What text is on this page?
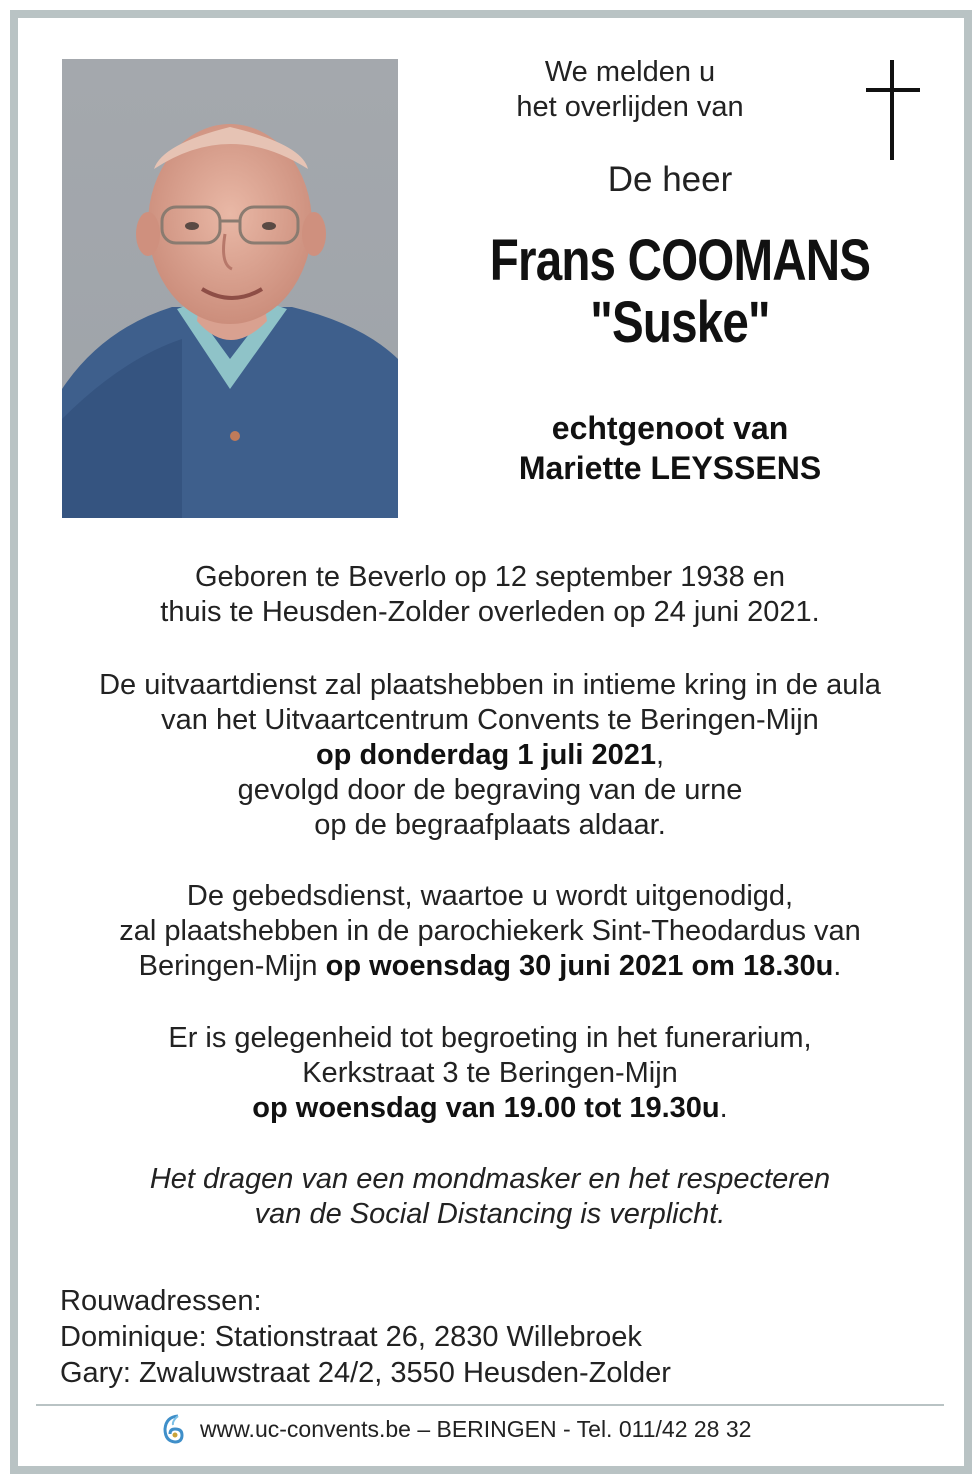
We melden u
het overlijden van
De heer
Frans COOMANS
"Suske"
echtgenoot van
Mariette LEYSSENS
Geboren te Beverlo op 12 september 1938 en
thuis te Heusden-Zolder overleden op 24 juni 2021.
De uitvaartdienst zal plaatshebben in intieme kring in de aula
van het Uitvaartcentrum Convents te Beringen-Mijn
op donderdag 1 juli 2021,
gevolgd door de begraving van de urne
op de begraafplaats aldaar.
De gebedsdienst, waartoe u wordt uitgenodigd,
zal plaatshebben in de parochiekerk Sint-Theodardus van
Beringen-Mijn op woensdag 30 juni 2021 om 18.30u.
Er is gelegenheid tot begroeting in het funerarium,
Kerkstraat 3 te Beringen-Mijn
op woensdag van 19.00 tot 19.30u.
Het dragen van een mondmasker en het respecteren
van de Social Distancing is verplicht.
Rouwadressen:
Dominique: Stationstraat 26, 2830 Willebroek
Gary: Zwaluwstraat 24/2, 3550 Heusden-Zolder
www.uc-convents.be – BERINGEN - Tel. 011/42 28 32
